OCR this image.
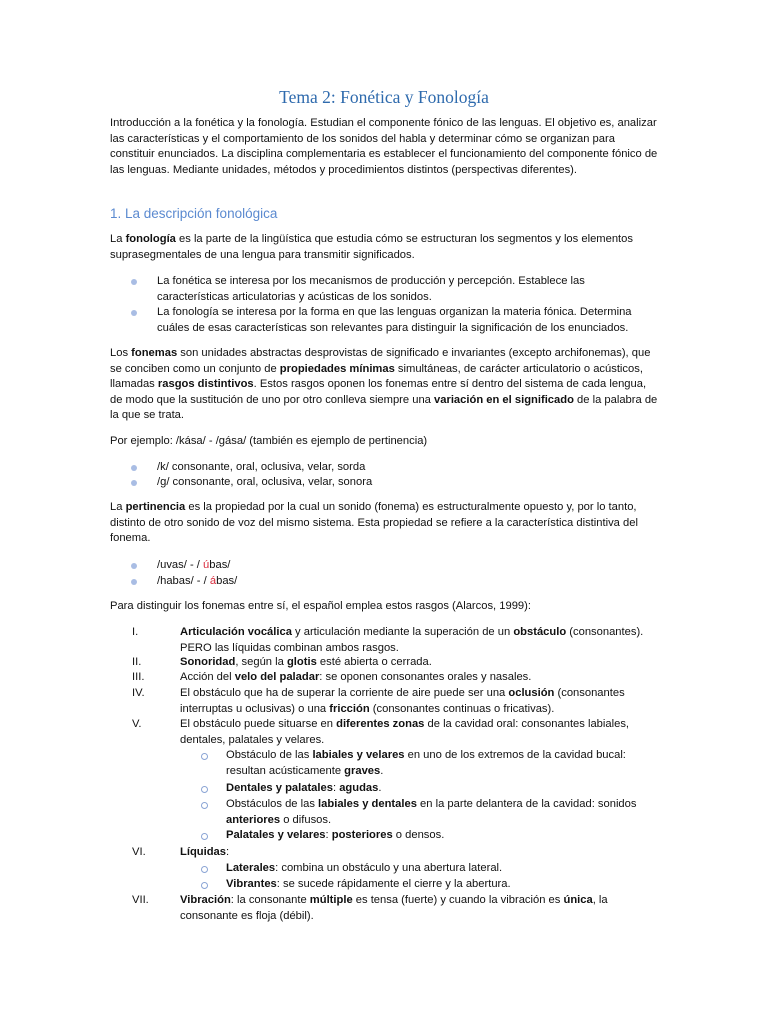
Tema 2: Fonética y Fonología

Introducción a la fonética y la fonología. Estudian el componente fónico de las lenguas. El objetivo es, analizar las características y el comportamiento de los sonidos del habla y determinar cómo se organizan para constituir enunciados. La disciplina complementaria es establecer el funcionamiento del componente fónico de las lenguas. Mediante unidades, métodos y procedimientos distintos (perspectivas diferentes).

1. La descripción fonológica

La fonología es la parte de la lingüística que estudia cómo se estructuran los segmentos y los elementos suprasegmentales de una lengua para transmitir significados.

La fonética se interesa por los mecanismos de producción y percepción. Establece las características articulatorias y acústicas de los sonidos.

La fonología se interesa por la forma en que las lenguas organizan la materia fónica. Determina cuáles de esas características son relevantes para distinguir la significación de los enunciados.

Los fonemas son unidades abstractas desprovistas de significado e invariantes (excepto archifonemas), que se conciben como un conjunto de propiedades mínimas simultáneas, de carácter articulatorio o acústicos, llamadas rasgos distintivos. Estos rasgos oponen los fonemas entre sí dentro del sistema de cada lengua, de modo que la sustitución de uno por otro conlleva siempre una variación en el significado de la palabra de la que se trata.

Por ejemplo: /kása/ - /gása/ (también es ejemplo de pertinencia)

/k/ consonante, oral, oclusiva, velar, sorda

/g/ consonante, oral, oclusiva, velar, sonora

La pertinencia es la propiedad por la cual un sonido (fonema) es estructuralmente opuesto y, por lo tanto, distinto de otro sonido de voz del mismo sistema. Esta propiedad se refiere a la característica distintiva del fonema.

/uvas/ - / úbas/

/habas/ - / ábas/

Para distinguir los fonemas entre sí, el español emplea estos rasgos (Alarcos, 1999):

I.	Articulación vocálica y articulación mediante la superación de un obstáculo (consonantes). PERO las líquidas combinan ambos rasgos.

II.	Sonoridad, según la glotis esté abierta o cerrada.

III.	Acción del velo del paladar: se oponen consonantes orales y nasales.

IV.	El obstáculo que ha de superar la corriente de aire puede ser una oclusión (consonantes interruptas u oclusivas) o una fricción (consonantes continuas o fricativas).

V.	El obstáculo puede situarse en diferentes zonas de la cavidad oral: consonantes labiales, dentales, palatales y velares.

Obstáculo de las labiales y velares en uno de los extremos de la cavidad bucal: resultan acústicamente graves.

Dentales y palatales: agudas.

Obstáculos de las labiales y dentales en la parte delantera de la cavidad: sonidos anteriores o difusos.

Palatales y velares: posteriores o densos.

VI.	Líquidas:

Laterales: combina un obstáculo y una abertura lateral.

Vibrantes: se sucede rápidamente el cierre y la abertura.

VII.	Vibración: la consonante múltiple es tensa (fuerte) y cuando la vibración es única, la consonante es floja (débil).
